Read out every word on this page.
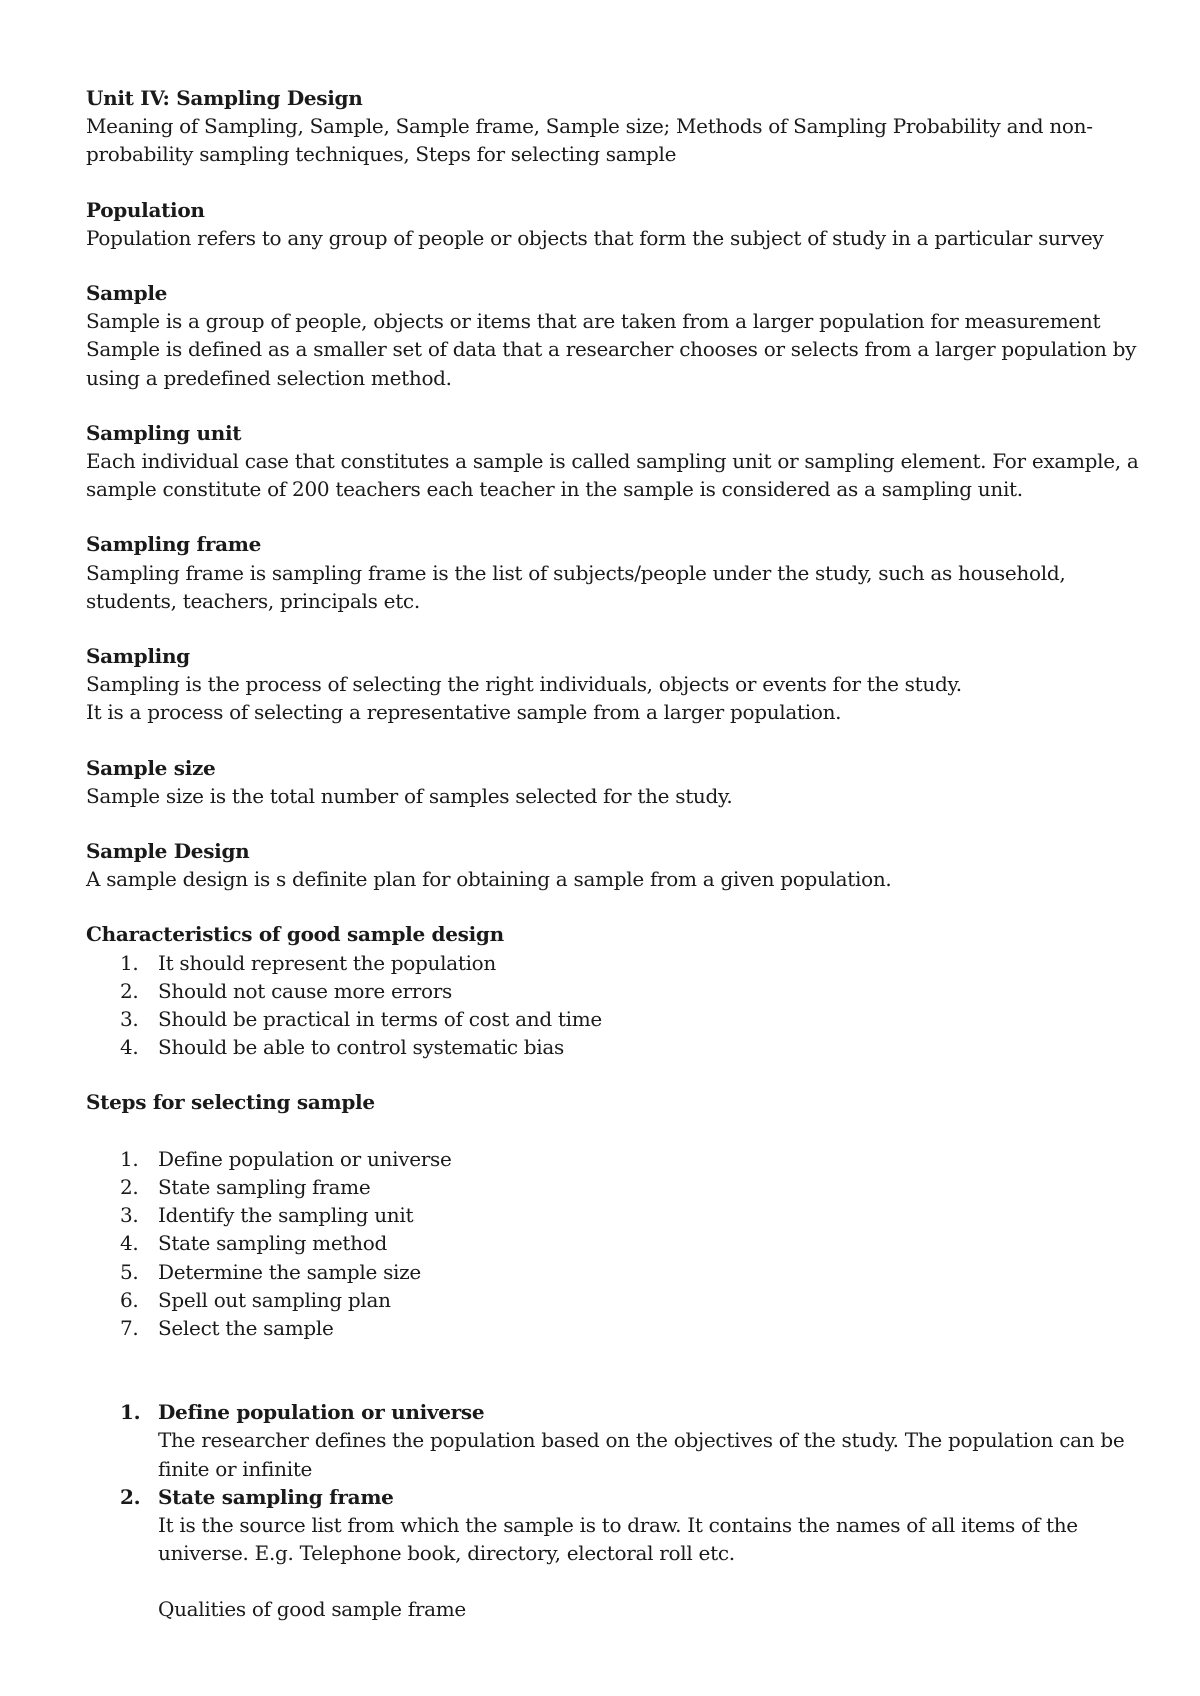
Unit IV: Sampling Design

Meaning of Sampling, Sample, Sample frame, Sample size; Methods of Sampling Probability and non-probability sampling techniques, Steps for selecting sample

Population

Population refers to any group of people or objects that form the subject of study in a particular survey

Sample

Sample is a group of people, objects or items that are taken from a larger population for measurement

Sample is defined as a smaller set of data that a researcher chooses or selects from a larger population by using a predefined selection method.

Sampling unit

Each individual case that constitutes a sample is called sampling unit or sampling element. For example, a sample constitute of 200 teachers each teacher in the sample is considered as a sampling unit.

Sampling frame

Sampling frame is sampling frame is the list of subjects/people under the study, such as household, students, teachers, principals etc.

Sampling

Sampling is the process of selecting the right individuals, objects or events for the study.

It is a process of selecting a representative sample from a larger population.

Sample size

Sample size is the total number of samples selected for the study.

Sample Design

A sample design is s definite plan for obtaining a sample from a given population.

Characteristics of good sample design

1. It should represent the population
2. Should not cause more errors
3. Should be practical in terms of cost and time
4. Should be able to control systematic bias

Steps for selecting sample

1. Define population or universe
2. State sampling frame
3. Identify the sampling unit
4. State sampling method
5. Determine the sample size
6. Spell out sampling plan
7. Select the sample
1. Define population or universe

The researcher defines the population based on the objectives of the study. The population can be finite or infinite

2. State sampling frame

It is the source list from which the sample is to draw. It contains the names of all items of the universe. E.g. Telephone book, directory, electoral roll etc.

Qualities of good sample frame
